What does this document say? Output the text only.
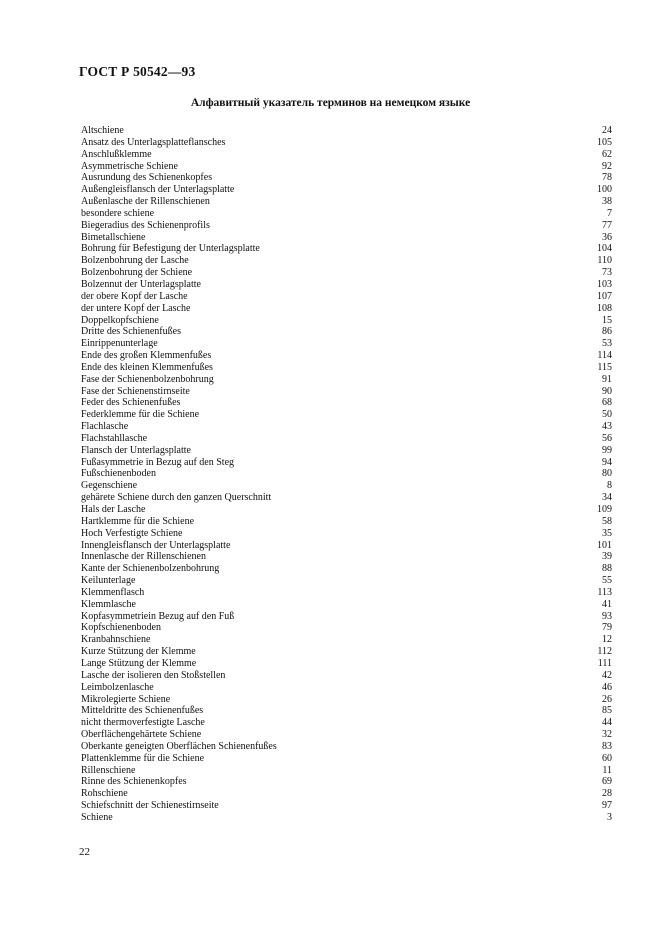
ГОСТ Р 50542—93
Алфавитный указатель терминов на немецком языке
Altschiene	24
Ansatz des Unterlagsplatteflansches	105
Anschlußklemme	62
Asymmetrische Schiene	92
Ausrundung des Schienenkopfes	78
Außengleisflansch der Unterlagsplatte	100
Außenlasche der Rillenschienen	38
besondere schiene	7
Biegeradius des Schienenprofils	77
Bimetallschiene	36
Bohrung für Befestigung der Unterlagsplatte	104
Bolzenbohrung der Lasche	110
Bolzenbohrung der Schiene	73
Bolzennut der Unterlagsplatte	103
der obere Kopf der Lasche	107
der untere Kopf der Lasche	108
Doppelkopfschiene	15
Dritte des Schienenfußes	86
Einrippenunterlage	53
Ende des großen Klemmenfußes	114
Ende des kleinen Klemmenfußes	115
Fase der Schienenbolzenbohrung	91
Fase der Schienenstirnseite	90
Feder des Schienenfußes	68
Federklemme für die Schiene	50
Flachlasche	43
Flachstahllasche	56
Flansch der Unterlagsplatte	99
Fußasymmetrie in Bezug auf den Steg	94
Fußschienenboden	80
Gegenschiene	8
gehärete Schiene durch den ganzen Querschnitt	34
Hals der Lasche	109
Hartklemme für die Schiene	58
Hoch Verfestigte Schiene	35
Innengleisflansch der Unterlagsplatte	101
Innenlasche der Rillenschienen	39
Kante der Schienenbolzenbohrung	88
Keilunterlage	55
Klemmenflasch	113
Klemmlasche	41
Kopfasymmetriein Bezug auf den Fuß	93
Kopfschienenboden	79
Kranbahnschiene	12
Kurze Stützung der Klemme	112
Lange Stützung der Klemme	111
Lasche der isolieren den Stoßstellen	42
Leimbolzenlasche	46
Mikrolegierte Schiene	26
Mitteldritte des Schienenfußes	85
nicht thermoverfestigte Lasche	44
Oberflächengehärtete Schiene	32
Oberkante geneigten Oberflächen Schienenfußes	83
Plattenklemme für die Schiene	60
Rillenschiene	11
Rinne des Schienenkopfes	69
Rohschiene	28
Schiefschnitt der Schienestirnseite	97
Schiene	3
22
